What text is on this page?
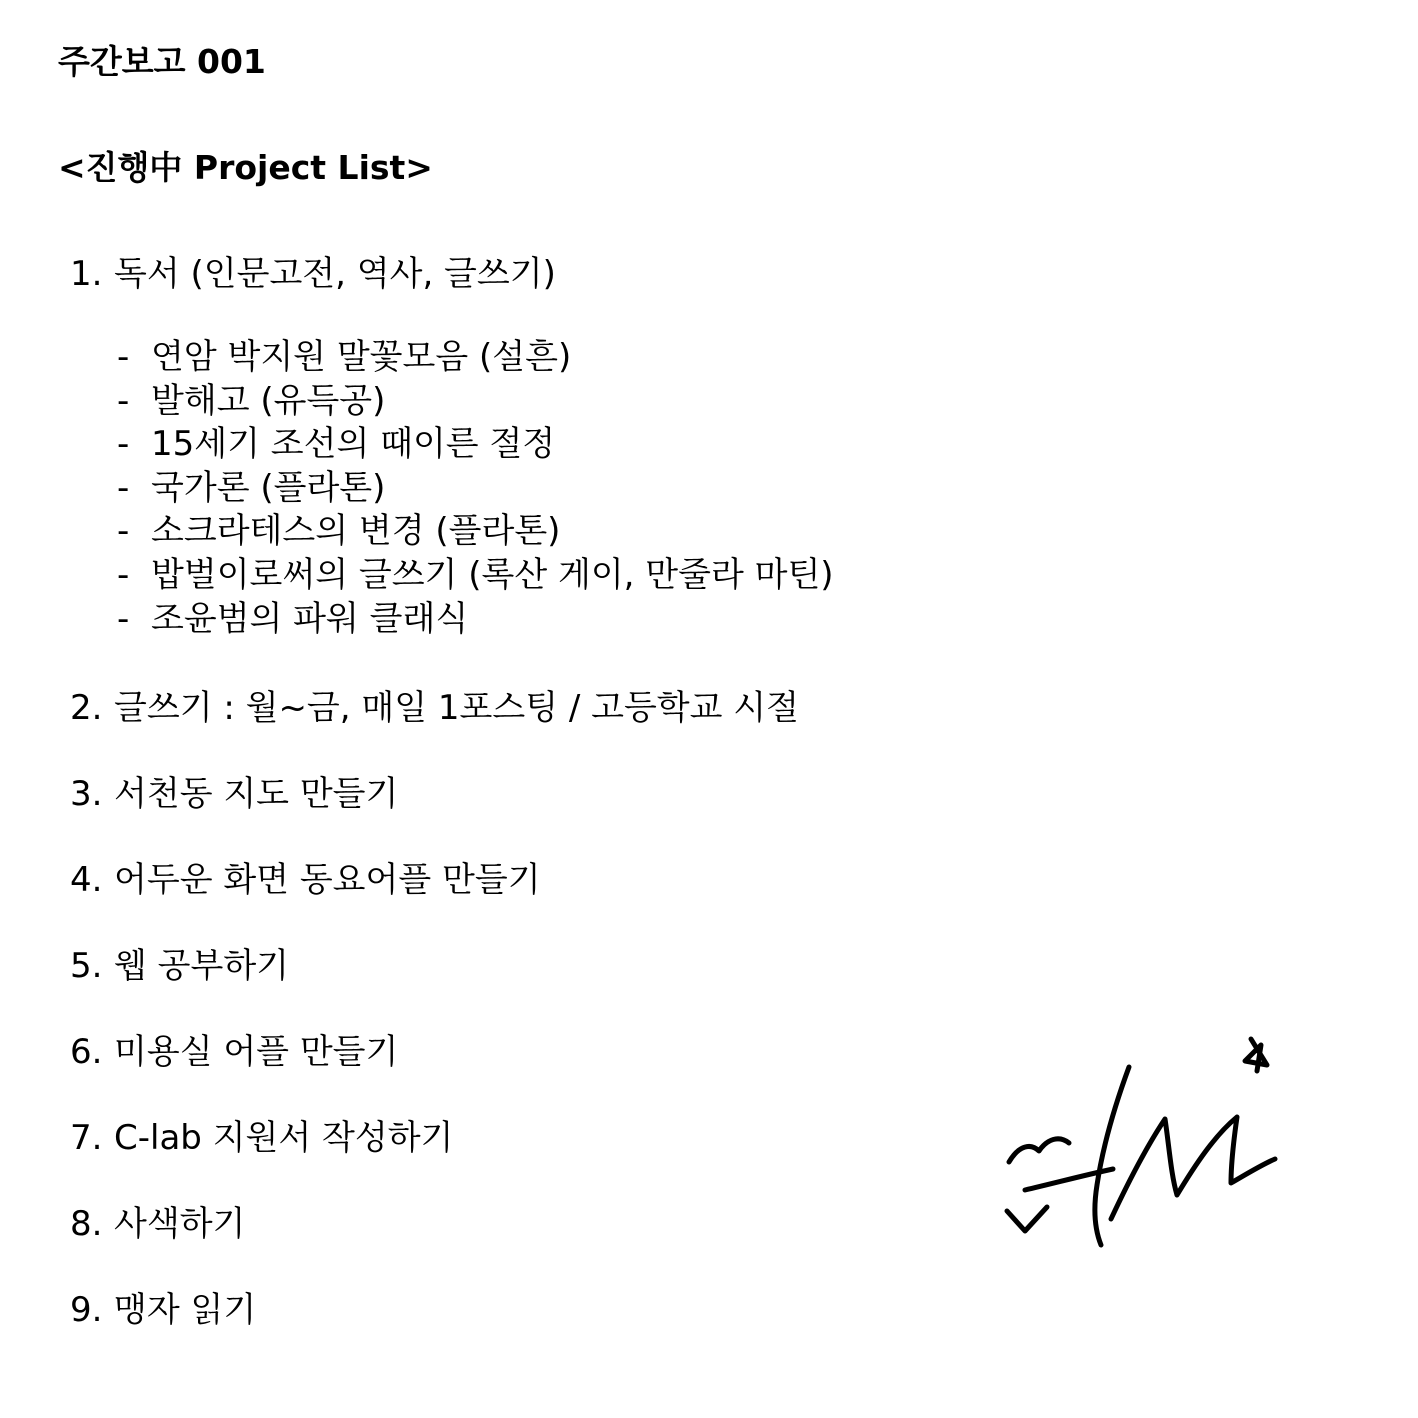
주간보고 001
<진행中 Project List>
1. 독서 (인문고전, 역사, 글쓰기)
- 연암 박지원 말꽃모음 (설흔)
- 발해고 (유득공)
- 15세기 조선의 때이른 절정
- 국가론 (플라톤)
- 소크라테스의 변경 (플라톤)
- 밥벌이로써의 글쓰기 (록산 게이, 만줄라 마틴)
- 조윤범의 파워 클래식
2. 글쓰기 : 월~금, 매일 1포스팅 / 고등학교 시절
3. 서천동 지도 만들기
4. 어두운 화면 동요어플 만들기
5. 웹 공부하기
6. 미용실 어플 만들기
7. C-lab 지원서 작성하기
8. 사색하기
9. 맹자 읽기
